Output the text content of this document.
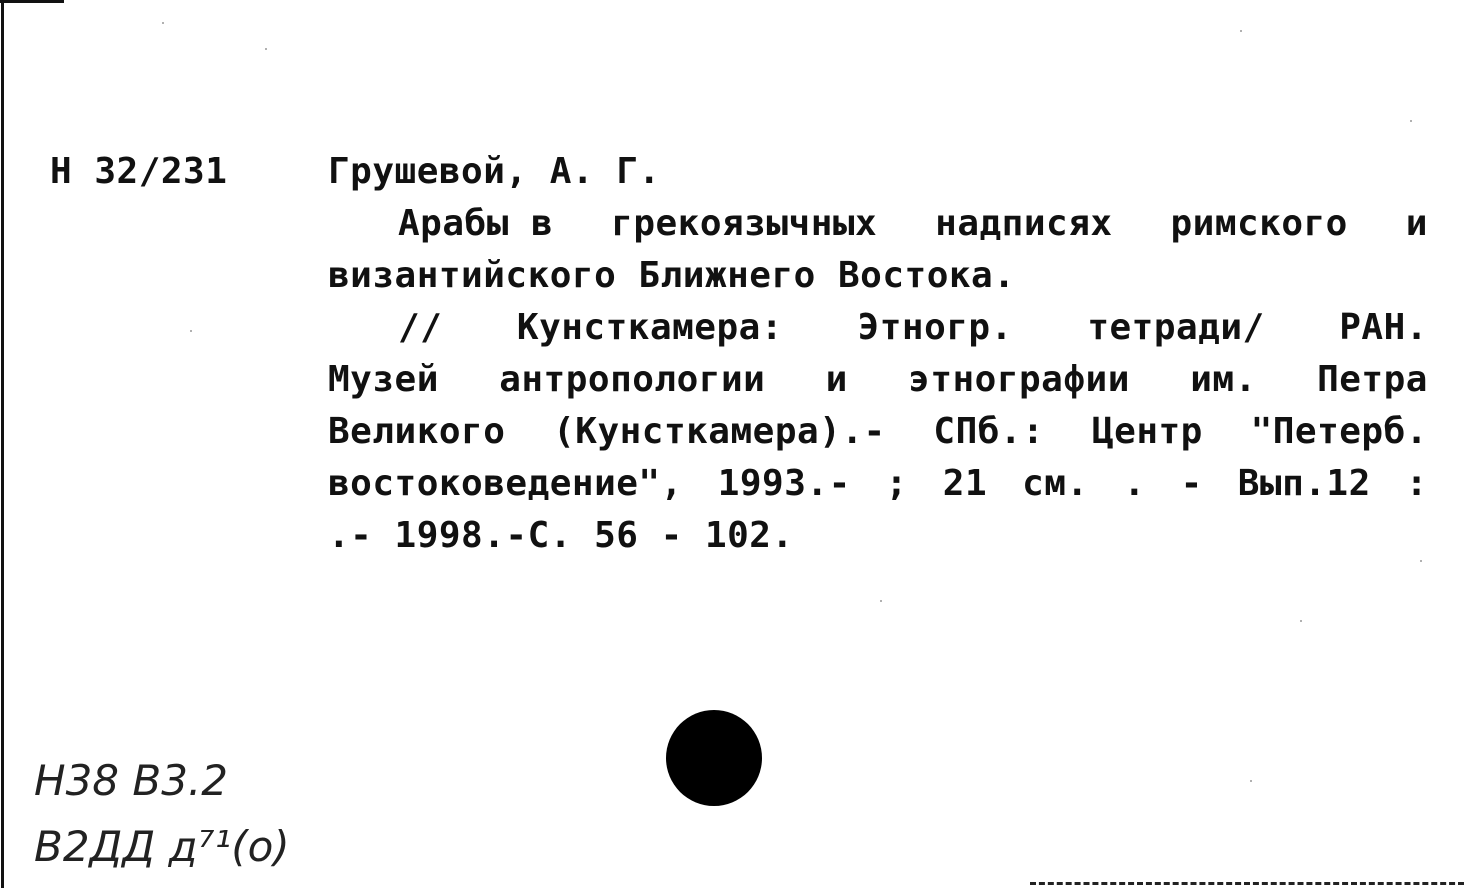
Н 32/231	Грушевой, А. Г.
Арабы в грекоязычных надписях римского и
византийского Ближнего Востока.
// Кунсткамера: Этногр. тетради/ РАН.
Музей антропологии и этнографии им. Петра
Великого (Кунсткамера).- СПб.: Центр "Петерб.
востоковедение", 1993.- ; 21 см. . - Вып.12 :
.- 1998.-С. 56 - 102.
Н38 В3.2
В2ДД д⁷¹(о)
